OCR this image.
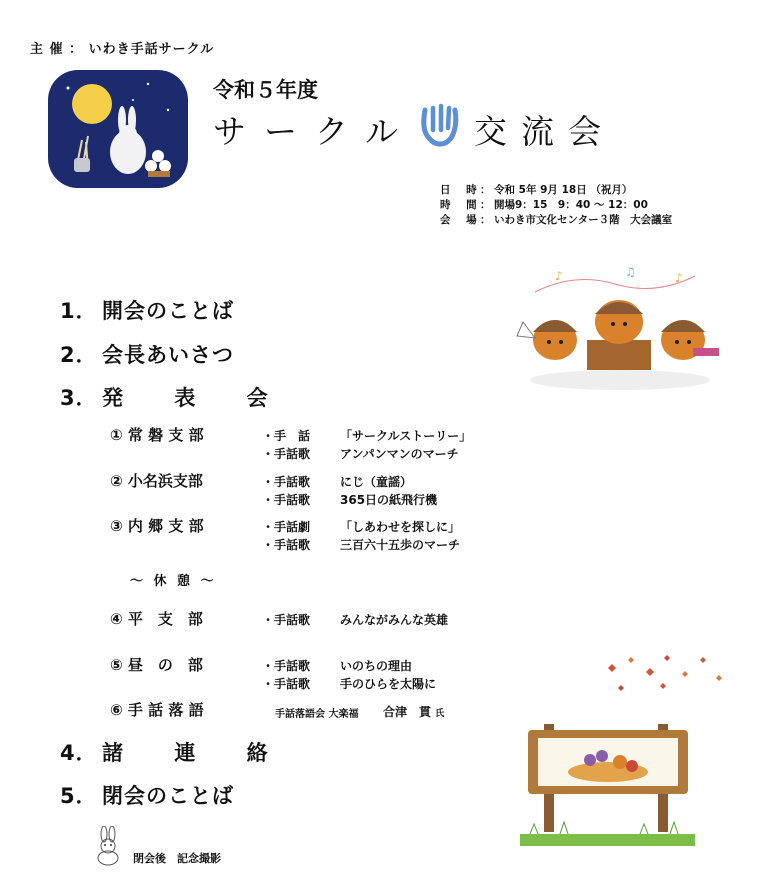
主 催 ： いわき手話サークル
令和５年度
サークル 交流会
日 時： 令和 5年 9月 18日 （祝月）
時 間： 開場9：15　9：40 ～ 12：00
会 場： いわき市文化センター３階　大会議室
♪	♫	♪
1． 開会のことば
2． 会長あいさつ
3． 発 表 会
① 常 磐 支 部	・手　話 「サークルストーリー」
・手話歌 アンパンマンのマーチ
② 小名浜支部	・手話歌 にじ（童謡）
・手話歌 365日の紙飛行機
③ 内 郷 支 部	・手話劇 「しあわせを探しに」
・手話歌 三百六十五歩のマーチ
～ 休 憩 ～
④ 平　支　部	・手話歌 みんながみんな英雄
⑤ 昼　の　部	・手話歌 いのちの理由
・手話歌 手のひらを太陽に
⑥ 手 話 落 語	手話落語会 大楽福 合津　貫 氏
4． 諸 連 絡
5． 閉会のことば
閉会後　記念撮影
